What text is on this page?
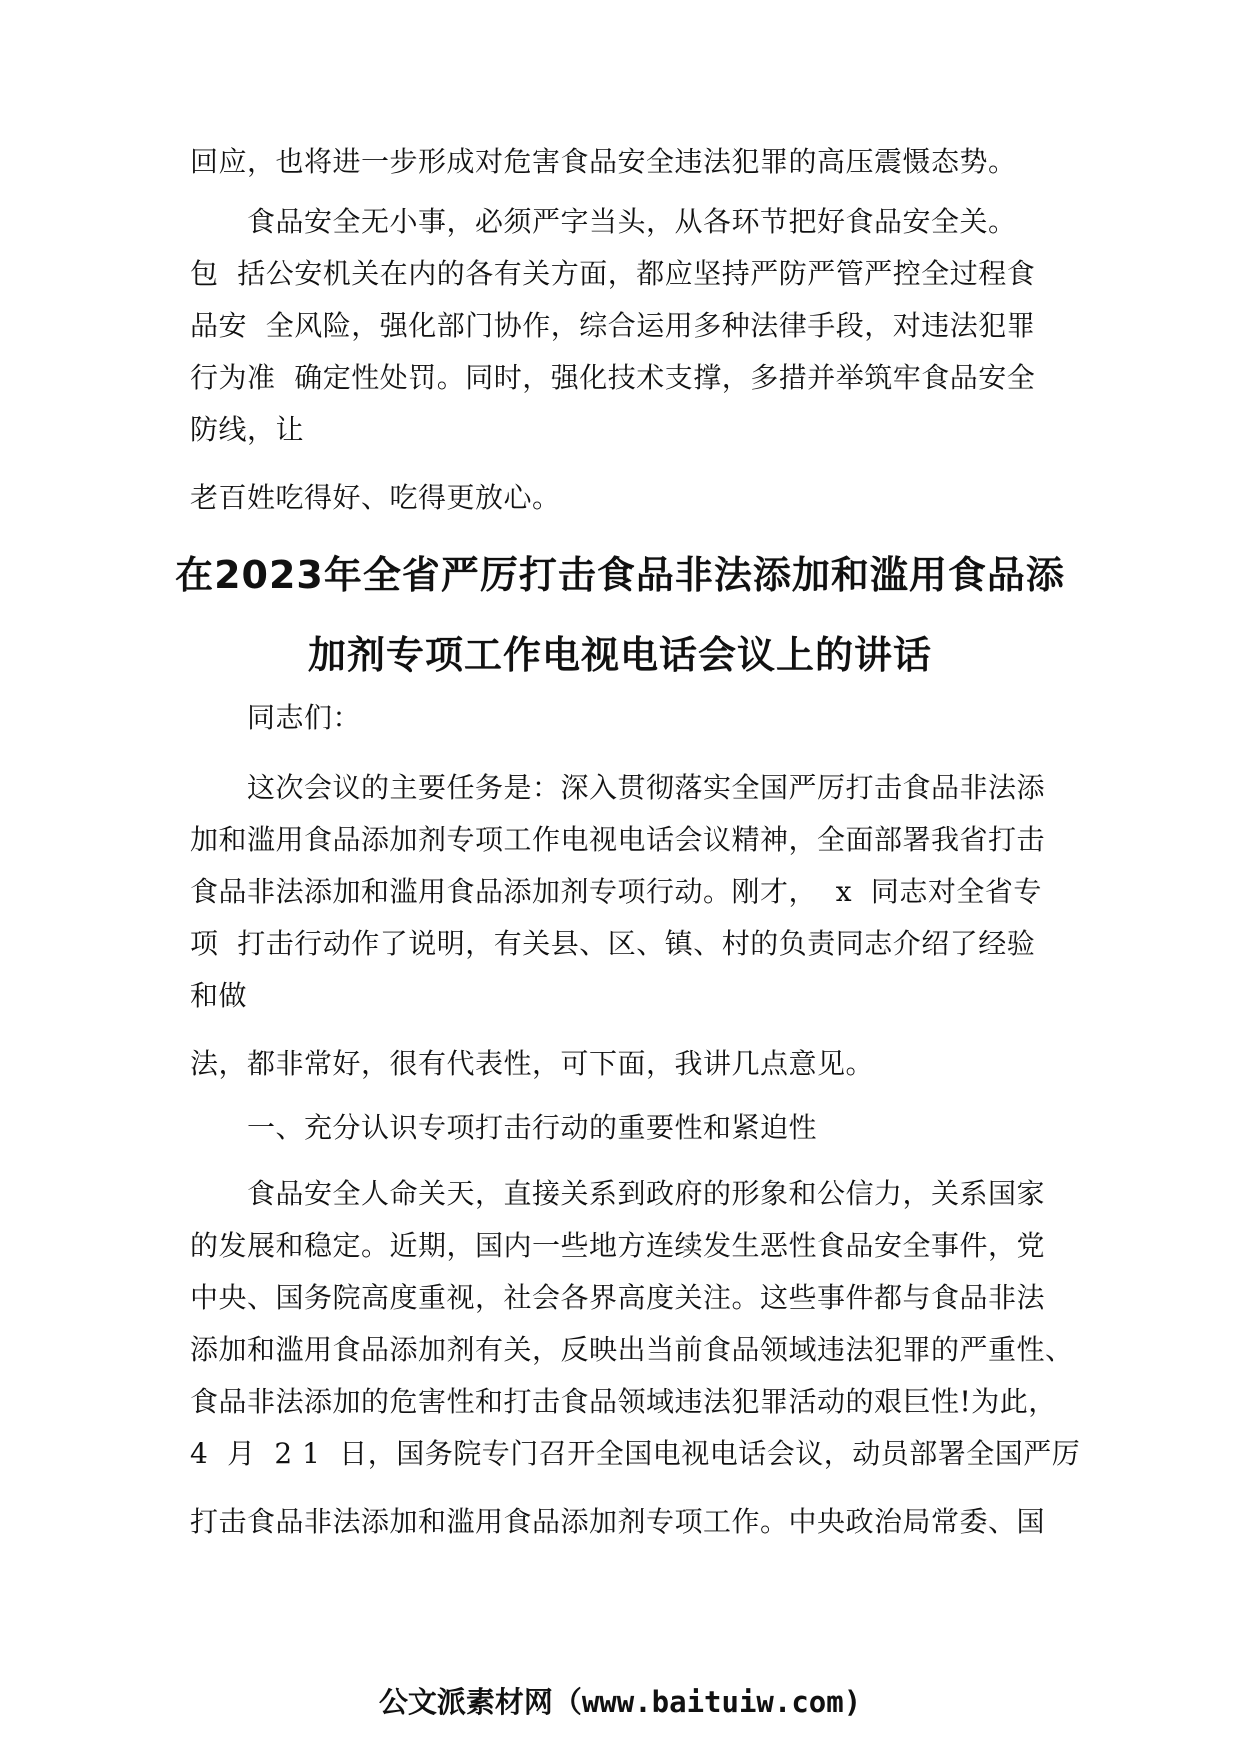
回应，也将进一步形成对危害食品安全违法犯罪的高压震慑态势。
食品安全无小事，必须严字当头，从各环节把好食品安全关。
包  括公安机关在内的各有关方面，都应坚持严防严管严控全过程食
品安  全风险，强化部门协作，综合运用多种法律手段，对违法犯罪
行为准  确定性处罚。同时，强化技术支撑，多措并举筑牢食品安全
防线，让
老百姓吃得好、吃得更放心。
在2023年全省严厉打击食品非法添加和滥用食品添
加剂专项工作电视电话会议上的讲话
同志们：
这次会议的主要任务是：深入贯彻落实全国严厉打击食品非法添
加和滥用食品添加剂专项工作电视电话会议精神，全面部署我省打击
食品非法添加和滥用食品添加剂专项行动。刚才，  x  同志对全省专
项  打击行动作了说明，有关县、区、镇、村的负责同志介绍了经验
和做
法，都非常好，很有代表性，可下面，我讲几点意见。
一、充分认识专项打击行动的重要性和紧迫性
食品安全人命关天，直接关系到政府的形象和公信力，关系国家
的发展和稳定。近期，国内一些地方连续发生恶性食品安全事件，党
中央、国务院高度重视，社会各界高度关注。这些事件都与食品非法
添加和滥用食品添加剂有关，反映出当前食品领域违法犯罪的严重性、
食品非法添加的危害性和打击食品领域违法犯罪活动的艰巨性!为此，
4  月  2 1  日，国务院专门召开全国电视电话会议，动员部署全国严厉
打击食品非法添加和滥用食品添加剂专项工作。中央政治局常委、国
公文派素材网（www.baituiw.com)
